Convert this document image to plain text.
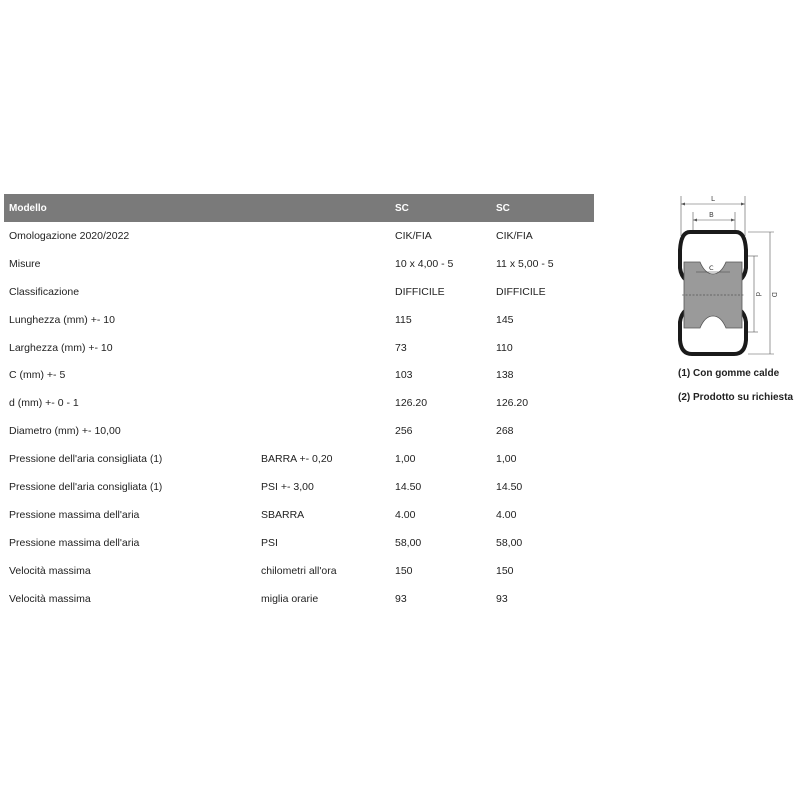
Modello		SC	SC
Omologazione 2020/2022		CIK/FIA	CIK/FIA
Misure		10 x 4,00 - 5	11 x 5,00 - 5
Classificazione		DIFFICILE	DIFFICILE
Lunghezza (mm) +- 10		115	145
Larghezza (mm) +- 10		73	110
C (mm) +- 5		103	138
d (mm) +- 0 - 1		126.20	126.20
Diametro (mm) +- 10,00		256	268
Pressione dell'aria consigliata (1)	BARRA +- 0,20	1,00	1,00
Pressione dell'aria consigliata (1)	PSI +- 3,00	14.50	14.50
Pressione massima dell'aria	SBARRA	4.00	4.00
Pressione massima dell'aria	PSI	58,00	58,00
Velocità massima	chilometri all'ora	150	150
Velocità massima	miglia orarie	93	93
L
B
C
d D
(1) Con gomme calde
(2) Prodotto su richiesta
